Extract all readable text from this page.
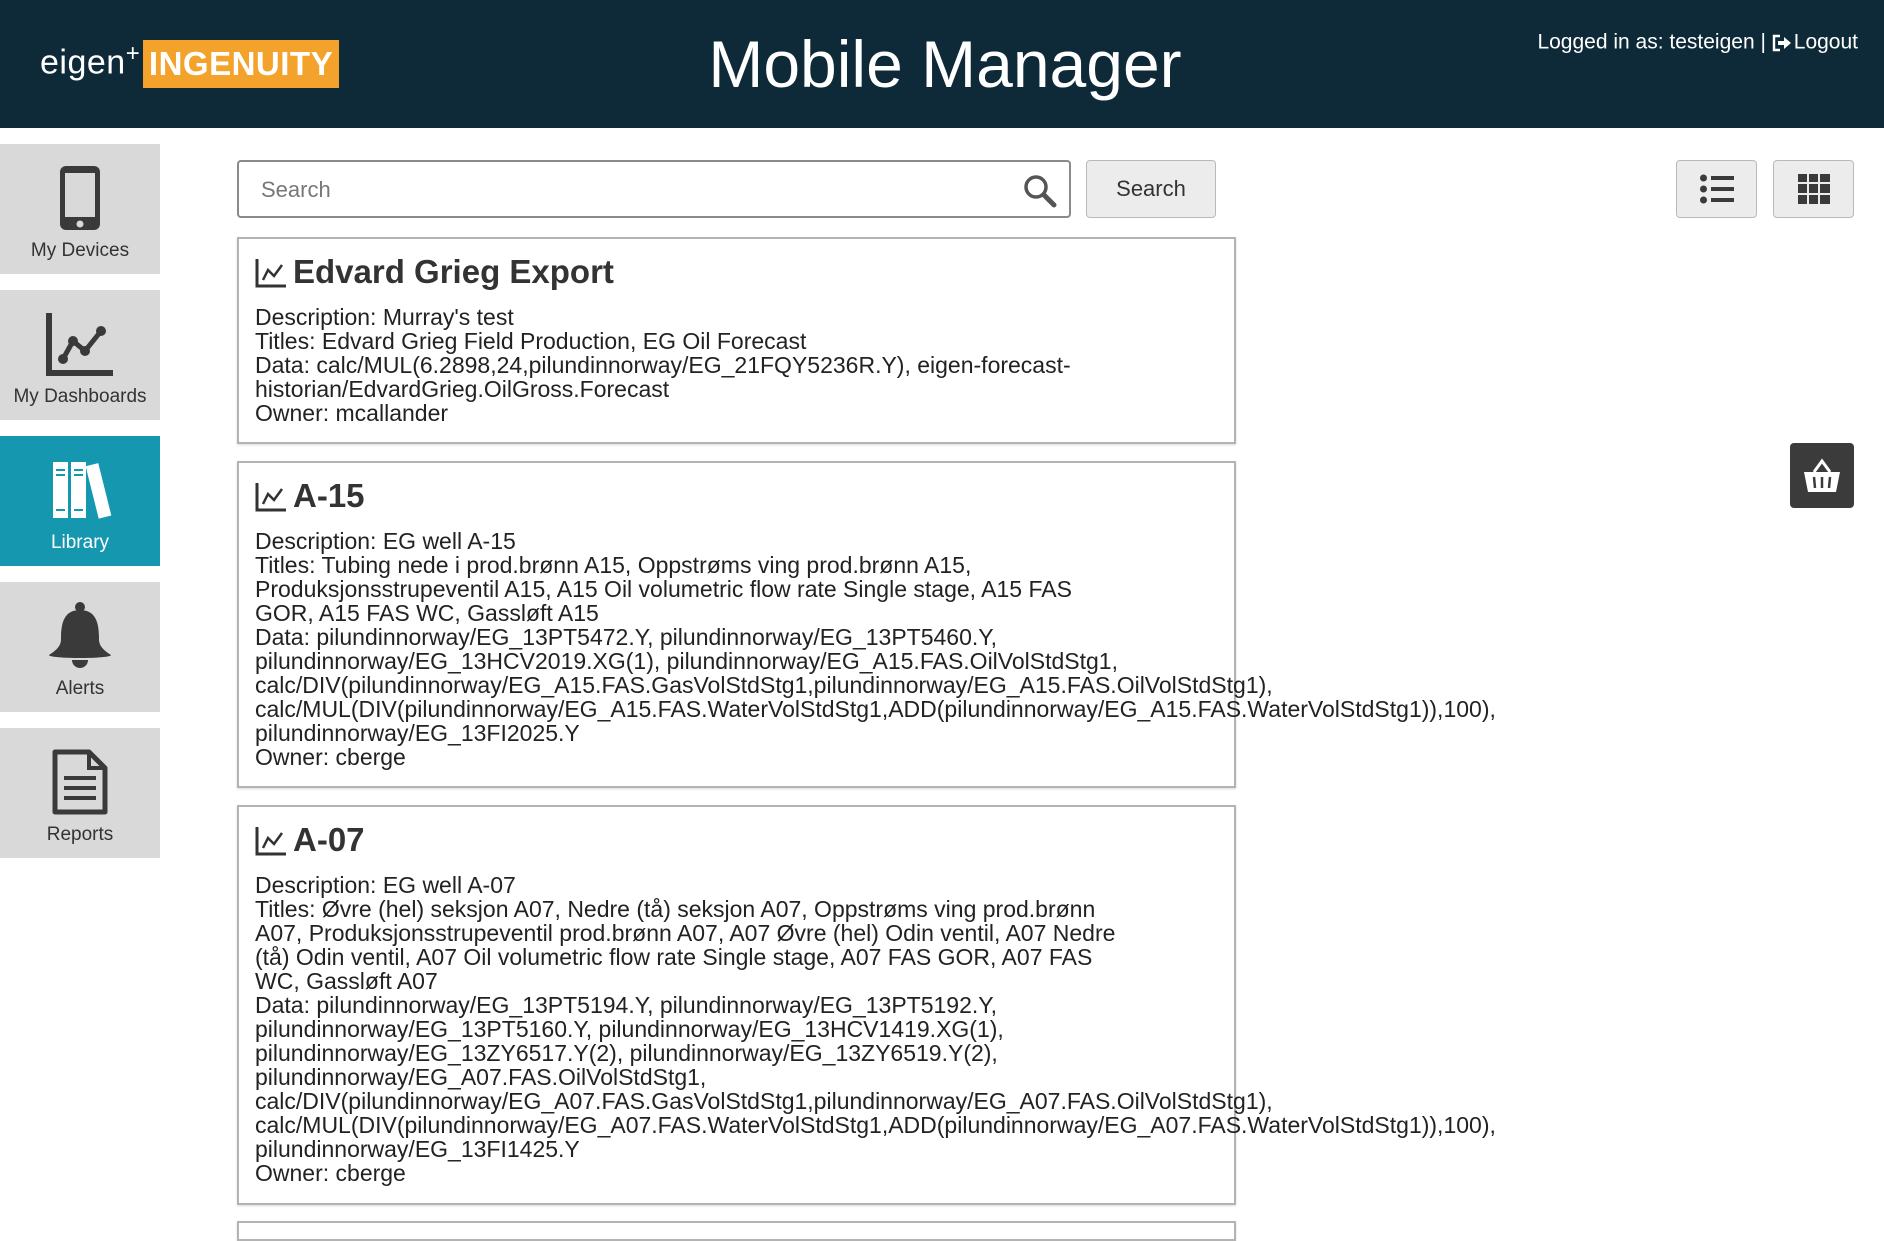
eigen+ INGENUITY	Mobile Manager	Logged in as: testeigen | Logout
My Devices
My Dashboards
Library
Alerts
Reports
Search
Search
Edvard Grieg Export
Description: Murray's test
Titles: Edvard Grieg Field Production, EG Oil Forecast
Data: calc/MUL(6.2898,24,pilundinnorway/EG_21FQY5236R.Y), eigen-forecast-
historian/EdvardGrieg.OilGross.Forecast
Owner: mcallander
A-15
Description: EG well A-15
Titles: Tubing nede i prod.brønn A15, Oppstrøms ving prod.brønn A15,
Produksjonsstrupeventil A15, A15 Oil volumetric flow rate Single stage, A15 FAS
GOR, A15 FAS WC, Gassløft A15
Data: pilundinnorway/EG_13PT5472.Y, pilundinnorway/EG_13PT5460.Y,
pilundinnorway/EG_13HCV2019.XG(1), pilundinnorway/EG_A15.FAS.OilVolStdStg1,
calc/DIV(pilundinnorway/EG_A15.FAS.GasVolStdStg1,pilundinnorway/EG_A15.FAS.OilVolStdStg1),
calc/MUL(DIV(pilundinnorway/EG_A15.FAS.WaterVolStdStg1,ADD(pilundinnorway/EG_A15.FAS.WaterVolStdStg1)),100),
pilundinnorway/EG_13FI2025.Y
Owner: cberge
A-07
Description: EG well A-07
Titles: Øvre (hel) seksjon A07, Nedre (tå) seksjon A07, Oppstrøms ving prod.brønn
A07, Produksjonsstrupeventil prod.brønn A07, A07 Øvre (hel) Odin ventil, A07 Nedre
(tå) Odin ventil, A07 Oil volumetric flow rate Single stage, A07 FAS GOR, A07 FAS
WC, Gassløft A07
Data: pilundinnorway/EG_13PT5194.Y, pilundinnorway/EG_13PT5192.Y,
pilundinnorway/EG_13PT5160.Y, pilundinnorway/EG_13HCV1419.XG(1),
pilundinnorway/EG_13ZY6517.Y(2), pilundinnorway/EG_13ZY6519.Y(2),
pilundinnorway/EG_A07.FAS.OilVolStdStg1,
calc/DIV(pilundinnorway/EG_A07.FAS.GasVolStdStg1,pilundinnorway/EG_A07.FAS.OilVolStdStg1),
calc/MUL(DIV(pilundinnorway/EG_A07.FAS.WaterVolStdStg1,ADD(pilundinnorway/EG_A07.FAS.WaterVolStdStg1)),100),
pilundinnorway/EG_13FI1425.Y
Owner: cberge
